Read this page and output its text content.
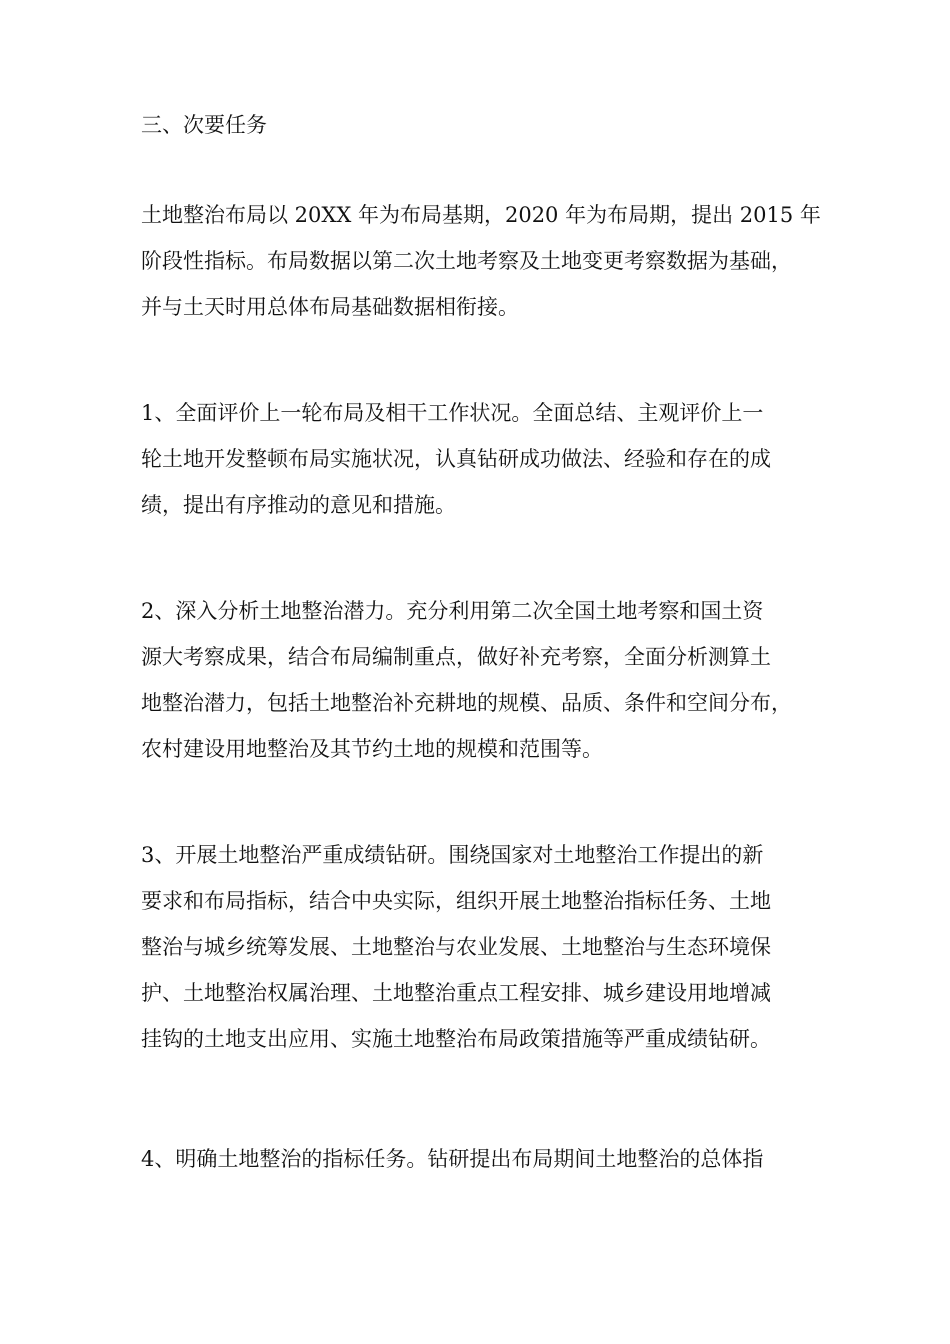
三、次要任务
土地整治布局以 20XX 年为布局基期，2020 年为布局期，提出 2015 年
阶段性指标。布局数据以第二次土地考察及土地变更考察数据为基础，
并与土天时用总体布局基础数据相衔接。
1、全面评价上一轮布局及相干工作状况。全面总结、主观评价上一
轮土地开发整顿布局实施状况，认真钻研成功做法、经验和存在的成
绩，提出有序推动的意见和措施。
2、深入分析土地整治潜力。充分利用第二次全国土地考察和国土资
源大考察成果，结合布局编制重点，做好补充考察，全面分析测算土
地整治潜力，包括土地整治补充耕地的规模、品质、条件和空间分布，
农村建设用地整治及其节约土地的规模和范围等。
3、开展土地整治严重成绩钻研。围绕国家对土地整治工作提出的新
要求和布局指标，结合中央实际，组织开展土地整治指标任务、土地
整治与城乡统筹发展、土地整治与农业发展、土地整治与生态环境保
护、土地整治权属治理、土地整治重点工程安排、城乡建设用地增减
挂钩的土地支出应用、实施土地整治布局政策措施等严重成绩钻研。
4、明确土地整治的指标任务。钻研提出布局期间土地整治的总体指
